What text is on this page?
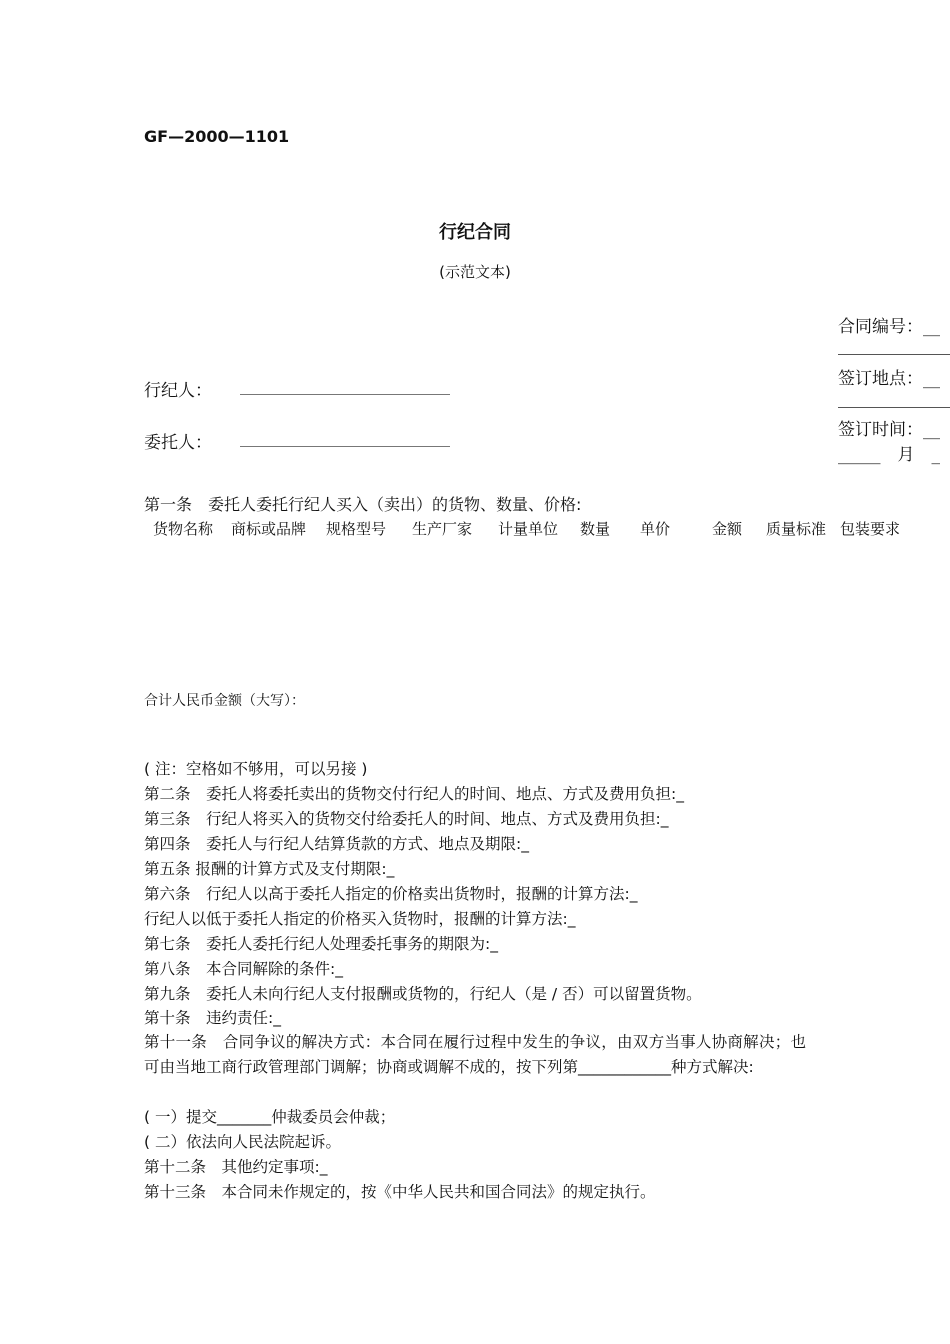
GF—2000—1101
行纪合同
(示范文本)
合同编号：__
签订地点：__
签订时间：__
_____　月　_
行纪人：
委托人：
第一条　委托人委托行纪人买入（卖出）的货物、数量、价格:
货物名称 商标或品牌 规格型号 生产厂家 计量单位 数量 单价	金额 质量标准 包装要求
合计人民币金额（大写）：
( 注：空格如不够用，可以另接 )
第二条　委托人将委托卖出的货物交付行纪人的时间、地点、方式及费用负担:_
第三条　行纪人将买入的货物交付给委托人的时间、地点、方式及费用负担:_
第四条　委托人与行纪人结算货款的方式、地点及期限:_
第五条 报酬的计算方式及支付期限:_
第六条　行纪人以高于委托人指定的价格卖出货物时，报酬的计算方法:_
行纪人以低于委托人指定的价格买入货物时，报酬的计算方法:_
第七条　委托人委托行纪人处理委托事务的期限为:_
第八条　本合同解除的条件:_
第九条　委托人未向行纪人支付报酬或货物的，行纪人（是 / 否）可以留置货物。
第十条　违约责任:_
第十一条　合同争议的解决方式：本合同在履行过程中发生的争议，由双方当事人协商解决；也可由当地工商行政管理部门调解；协商或调解不成的，按下列第____________种方式解决:
( 一）提交_______仲裁委员会仲裁；
( 二）依法向人民法院起诉。
第十二条　其他约定事项:_
第十三条　本合同未作规定的，按《中华人民共和国合同法》的规定执行。
